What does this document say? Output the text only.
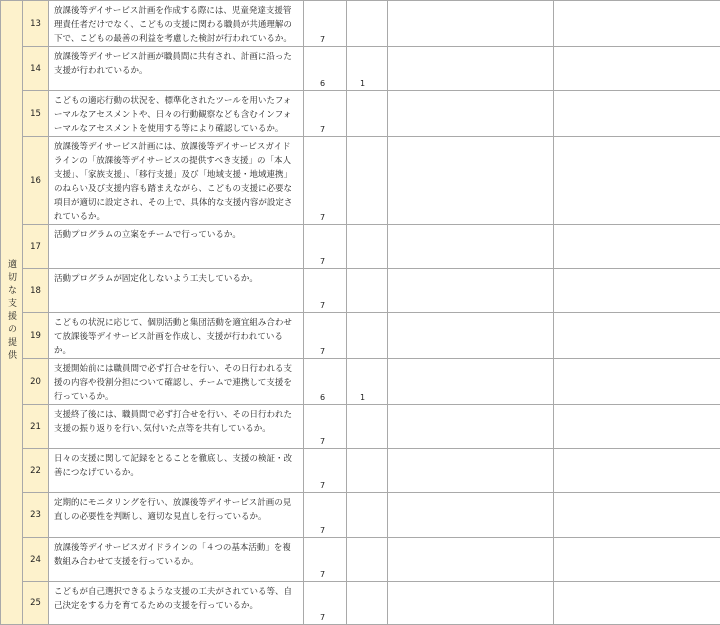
適切な支援の提供	13	放課後等デイサービス計画を作成する際には、児童発達支援管理責任者だけでなく、こどもの支援に関わる職員が共通理解の下で、こどもの最善の利益を考慮した検討が行われているか。	7			

	14	放課後等デイサービス計画が職員間に共有され、計画に沿った支援が行われているか。	6	1		

	15	こどもの適応行動の状況を、標準化されたツールを用いたフォーマルなアセスメントや、日々の行動観察なども含むインフォーマルなアセスメントを使用する等により確認しているか。	7			

	16	放課後等デイサービス計画には、放課後等デイサービスガイドラインの「放課後等デイサービスの提供すべき支援」の「本人支援」、「家族支援」、「移行支援」及び「地域支援・地域連携」のねらい及び支援内容も踏まえながら、こどもの支援に必要な項目が適切に設定され、その上で、具体的な支援内容が設定されているか。	7			

	17	活動プログラムの立案をチームで行っているか。	7			

	18	活動プログラムが固定化しないよう工夫しているか。	7			

	19	こどもの状況に応じて、個別活動と集団活動を適宜組み合わせて放課後等デイサービス計画を作成し、支援が行われているか。	7			

	20	支援開始前には職員間で必ず打合せを行い、その日行われる支援の内容や役割分担について確認し、チームで連携して支援を行っているか。	6	1		

	21	支援終了後には、職員間で必ず打合せを行い、その日行われた支援の振り返りを行い､気付いた点等を共有しているか。	7			

	22	日々の支援に関して記録をとることを徹底し、支援の検証・改善につなげているか。	7			

	23	定期的にモニタリングを行い、放課後等デイサービス計画の見直しの必要性を判断し、適切な見直しを行っているか。	7			

	24	放課後等デイサービスガイドラインの「４つの基本活動」を複数組み合わせて支援を行っているか。	7			

	25	こどもが自己選択できるような支援の工夫がされている等、自己決定をする力を育てるための支援を行っているか。	7			
